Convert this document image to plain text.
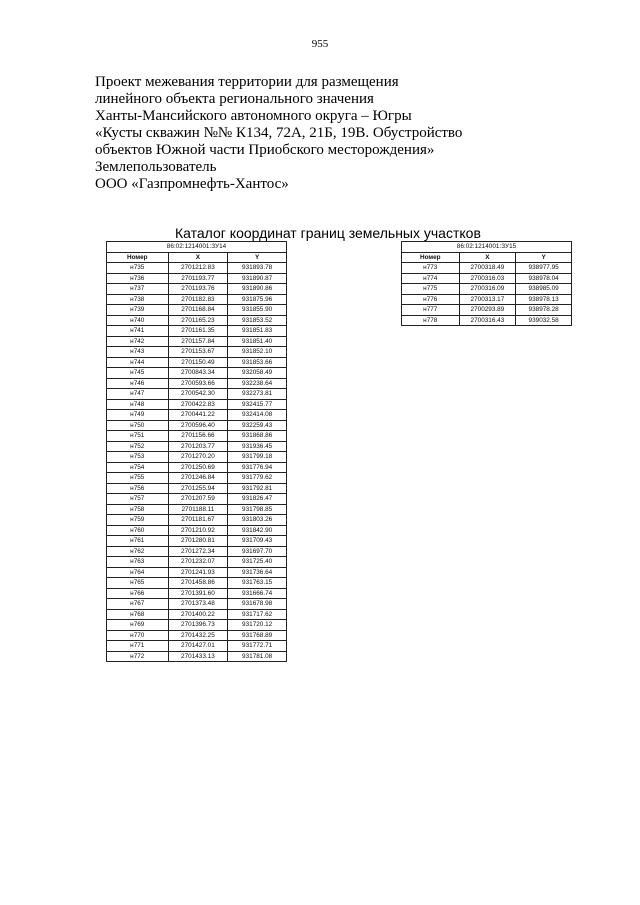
955
Проект межевания территории для размещения
линейного объекта регионального значения
Ханты-Мансийского автономного округа – Югры
«Кусты скважин №№ К134, 72А, 21Б, 19В. Обустройство
объектов Южной части Приобского месторождения»
Землепользователь
ООО «Газпромнефть-Хантос»
Каталог координат границ земельных участков
86:02:1214001:ЗУ14		
Номер	X	Y
н735	2701212.83	931893.78
н736	2701193.77	931890.87
н737	2701193.76	931890.86
н738	2701182.83	931875.96
н739	2701168.84	931855.90
н740	2701165.23	931853.52
н741	2701161.35	931851.83
н742	2701157.84	931851.40
н743	2701153.67	931852.10
н744	2701150.49	931853.66
н745	2700843.34	932058.49
н746	2700593.66	932238.64
н747	2700542.30	932273.81
н748	2700422.83	932415.77
н749	2700441.22	932414.08
н750	2700596.40	932259.43
н751	2701156.66	931868.86
н752	2701203.77	931936.45
н753	2701270.20	931799.18
н754	2701250.69	931776.94
н755	2701246.84	931779.62
н756	2701255.94	931792.81
н757	2701207.59	931826.47
н758	2701188.11	931798.85
н759	2701181.67	931803.26
н760	2701210.92	931842.90
н761	2701280.81	931709.43
н762	2701272.34	931697.70
н763	2701232.07	931725.40
н764	2701241.93	931736.64
н765	2701458.86	931763.15
н766	2701391.60	931666.74
н767	2701373.48	931678.98
н768	2701400.22	931717.62
н769	2701396.73	931720.12
н770	2701432.25	931768.89
н771	2701427.01	931772.71
н772	2701433.13	931781.08
86:02:1214001:ЗУ15		
Номер	X	Y
н773	2700318.49	938977.95
н774	2700316.03	938978.04
н775	2700316.09	938985.09
н776	2700313.17	938978.13
н777	2700293.89	938978.28
н778	2700316.43	939032.58
